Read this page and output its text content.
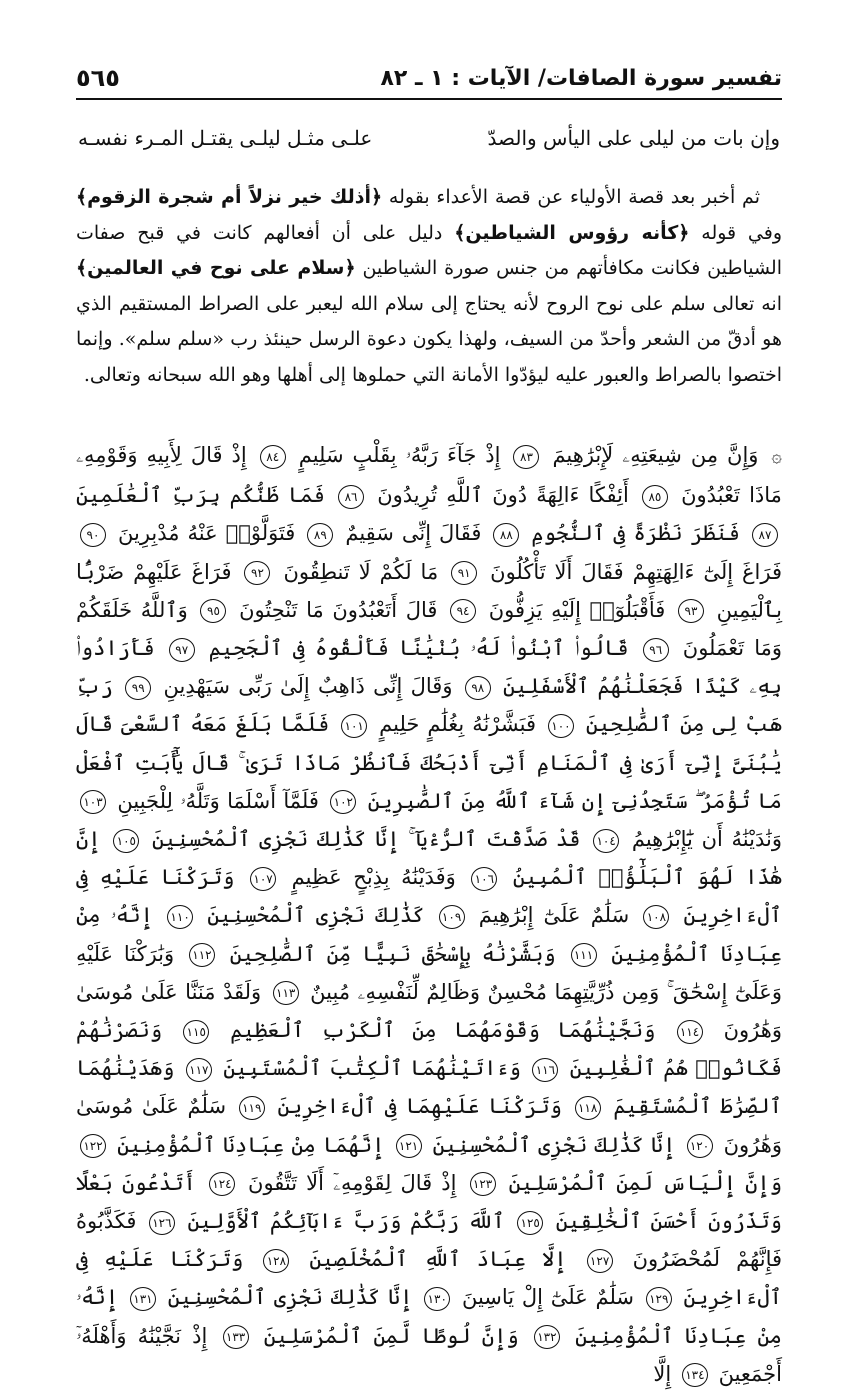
تفسير سورة الصافات/ الآيات : ١ ـ ٨٢
٥٦٥
وإن بات من ليلى على اليأس والصدّ
علـى مثـل ليلـى يقتـل المـرء نفسـه

ثم أخبر بعد قصة الأولياء عن قصة الأعداء بقوله ﴿أذلك خير نزلاً أم شجرة الزقوم﴾ وفي قوله ﴿كأنه رؤوس الشياطين﴾ دليل على أن أفعالهم كانت في قبح صفات الشياطين فكانت مكافأتهم من جنس صورة الشياطين ﴿سلام على نوح في العالمين﴾ انه تعالى سلم على نوح الروح لأنه يحتاج إلى سلام الله ليعبر على الصراط المستقيم الذي هو أدقّ من الشعر وأحدّ من السيف، ولهذا يكون دعوة الرسل حينئذ رب «سلم سلم». وإنما اختصوا بالصراط والعبور عليه ليؤدّوا الأمانة التي حملوها إلى أهلها وهو الله سبحانه وتعالى.

۞ وَإِنَّ مِن شِيعَتِهِۦ لَإِبْرَٰهِيمَ ٨٣ إِذْ جَآءَ رَبَّهُۥ بِقَلْبٍ سَلِيمٍ ٨٤ إِذْ قَالَ لِأَبِيهِ وَقَوْمِهِۦ مَاذَا تَعْبُدُونَ ٨٥ أَئِفْكًا ءَالِهَةً دُونَ ٱللَّهِ تُرِيدُونَ ٨٦ فَمَا ظَنُّكُم بِرَبِّ ٱلْعَٰلَمِينَ ٨٧ فَنَظَرَ نَظْرَةً فِى ٱلنُّجُومِ ٨٨ فَقَالَ إِنِّى سَقِيمٌ ٨٩ فَتَوَلَّوْا۟ عَنْهُ مُدْبِرِينَ ٩٠ فَرَاغَ إِلَىٰٓ ءَالِهَتِهِمْ فَقَالَ أَلَا تَأْكُلُونَ ٩١ مَا لَكُمْ لَا تَنطِقُونَ ٩٢ فَرَاغَ عَلَيْهِمْ ضَرْبًۢا بِٱلْيَمِينِ ٩٣ فَأَقْبَلُوٓا۟ إِلَيْهِ يَزِفُّونَ ٩٤ قَالَ أَتَعْبُدُونَ مَا تَنْحِتُونَ ٩٥ وَٱللَّهُ خَلَقَكُمْ وَمَا تَعْمَلُونَ ٩٦ قَالُوا۟ ٱبْنُوا۟ لَهُۥ بُنْيَٰنًا فَأَلْقُوهُ فِى ٱلْجَحِيمِ ٩٧ فَأَرَادُوا۟ بِهِۦ كَيْدًا فَجَعَلْنَٰهُمُ ٱلْأَسْفَلِينَ ٩٨ وَقَالَ إِنِّى ذَاهِبٌ إِلَىٰ رَبِّى سَيَهْدِينِ ٩٩ رَبِّ هَبْ لِى مِنَ ٱلصَّٰلِحِينَ ١٠٠ فَبَشَّرْنَٰهُ بِغُلَٰمٍ حَلِيمٍ ١٠١ فَلَمَّا بَلَغَ مَعَهُ ٱلسَّعْىَ قَالَ يَٰبُنَىَّ إِنِّىٓ أَرَىٰ فِى ٱلْمَنَامِ أَنِّىٓ أَذْبَحُكَ فَٱنظُرْ مَاذَا تَرَىٰ ۚ قَالَ يَٰٓأَبَتِ ٱفْعَلْ مَا تُؤْمَرُ ۖ سَتَجِدُنِىٓ إِن شَآءَ ٱللَّهُ مِنَ ٱلصَّٰبِرِينَ ١٠٢ فَلَمَّآ أَسْلَمَا وَتَلَّهُۥ لِلْجَبِينِ ١٠٣ وَنَٰدَيْنَٰهُ أَن يَٰٓإِبْرَٰهِيمُ ١٠٤ قَدْ صَدَّقْتَ ٱلرُّءْيَآ ۚ إِنَّا كَذَٰلِكَ نَجْزِى ٱلْمُحْسِنِينَ ١٠٥ إِنَّ هَٰذَا لَهُوَ ٱلْبَلَٰٓؤُا۟ ٱلْمُبِينُ ١٠٦ وَفَدَيْنَٰهُ بِذِبْحٍ عَظِيمٍ ١٠٧ وَتَرَكْنَا عَلَيْهِ فِى ٱلْءَاخِرِينَ ١٠٨ سَلَٰمٌ عَلَىٰٓ إِبْرَٰهِيمَ ١٠٩ كَذَٰلِكَ نَجْزِى ٱلْمُحْسِنِينَ ١١٠ إِنَّهُۥ مِنْ عِبَادِنَا ٱلْمُؤْمِنِينَ ١١١ وَبَشَّرْنَٰهُ بِإِسْحَٰقَ نَبِيًّا مِّنَ ٱلصَّٰلِحِينَ ١١٢ وَبَٰرَكْنَا عَلَيْهِ وَعَلَىٰٓ إِسْحَٰقَ ۚ وَمِن ذُرِّيَّتِهِمَا مُحْسِنٌ وَظَالِمٌ لِّنَفْسِهِۦ مُبِينٌ ١١٣ وَلَقَدْ مَنَنَّا عَلَىٰ مُوسَىٰ وَهَٰرُونَ ١١٤ وَنَجَّيْنَٰهُمَا وَقَوْمَهُمَا مِنَ ٱلْكَرْبِ ٱلْعَظِيمِ ١١٥ وَنَصَرْنَٰهُمْ فَكَانُوا۟ هُمُ ٱلْغَٰلِبِينَ ١١٦ وَءَاتَيْنَٰهُمَا ٱلْكِتَٰبَ ٱلْمُسْتَبِينَ ١١٧ وَهَدَيْنَٰهُمَا ٱلصِّرَٰطَ ٱلْمُسْتَقِيمَ ١١٨ وَتَرَكْنَا عَلَيْهِمَا فِى ٱلْءَاخِرِينَ ١١٩ سَلَٰمٌ عَلَىٰ مُوسَىٰ وَهَٰرُونَ ١٢٠ إِنَّا كَذَٰلِكَ نَجْزِى ٱلْمُحْسِنِينَ ١٢١ إِنَّهُمَا مِنْ عِبَادِنَا ٱلْمُؤْمِنِينَ ١٢٢ وَإِنَّ إِلْيَاسَ لَمِنَ ٱلْمُرْسَلِينَ ١٢٣ إِذْ قَالَ لِقَوْمِهِۦٓ أَلَا تَتَّقُونَ ١٢٤ أَتَدْعُونَ بَعْلًا وَتَذَرُونَ أَحْسَنَ ٱلْخَٰلِقِينَ ١٢٥ ٱللَّهَ رَبَّكُمْ وَرَبَّ ءَابَآئِكُمُ ٱلْأَوَّلِينَ ١٢٦ فَكَذَّبُوهُ فَإِنَّهُمْ لَمُحْضَرُونَ ١٢٧ إِلَّا عِبَادَ ٱللَّهِ ٱلْمُخْلَصِينَ ١٢٨ وَتَرَكْنَا عَلَيْهِ فِى ٱلْءَاخِرِينَ ١٢٩ سَلَٰمٌ عَلَىٰٓ إِلْ يَاسِينَ ١٣٠ إِنَّا كَذَٰلِكَ نَجْزِى ٱلْمُحْسِنِينَ ١٣١ إِنَّهُۥ مِنْ عِبَادِنَا ٱلْمُؤْمِنِينَ ١٣٢ وَإِنَّ لُوطًا لَّمِنَ ٱلْمُرْسَلِينَ ١٣٣ إِذْ نَجَّيْنَٰهُ وَأَهْلَهُۥٓ أَجْمَعِينَ ١٣٤ إِلَّا
